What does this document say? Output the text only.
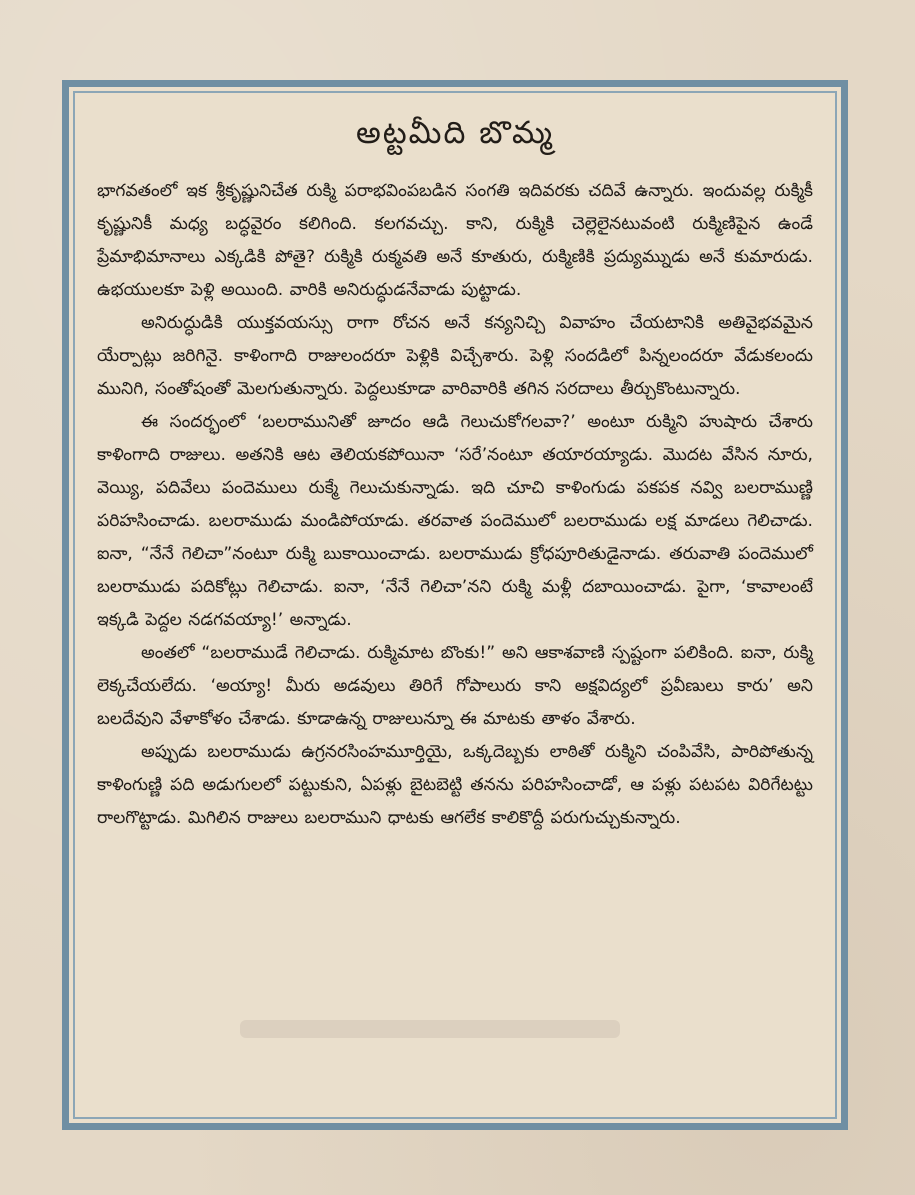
అట్టమీది బొమ్మ

భాగవతంలో ఇక శ్రీకృష్ణునిచేత రుక్మి పరాభవింపబడిన సంగతి ఇదివరకు చదివే ఉన్నారు. ఇందువల్ల రుక్మికీ కృష్ణునికీ మధ్య బద్ధవైరం కలిగింది. కలగవచ్చు. కాని, రుక్మికి చెల్లెలైనటువంటి రుక్మిణిపైన ఉండే ప్రేమాభిమానాలు ఎక్కడికి పోతై? రుక్మికి రుక్మవతి అనే కూతురు, రుక్మిణికి ప్రద్యుమ్నుడు అనే కుమారుడు. ఉభయులకూ పెళ్లి అయింది. వారికి అనిరుద్ధుడనేవాడు పుట్టాడు.

అనిరుద్ధుడికి యుక్తవయస్సు రాగా రోచన అనే కన్యనిచ్చి వివాహం చేయటానికి అతివైభవమైన యేర్పాట్లు జరిగినై. కాళింగాది రాజులందరూ పెళ్లికి విచ్చేశారు. పెళ్లి సందడిలో పిన్నలందరూ వేడుకలందు మునిగి, సంతోషంతో మెలగుతున్నారు. పెద్దలుకూడా వారివారికి తగిన సరదాలు తీర్చుకొంటున్నారు.

ఈ సందర్భంలో ‘బలరామునితో జూదం ఆడి గెలుచుకోగలవా?’ అంటూ రుక్మిని హుషారు చేశారు కాళింగాది రాజులు. అతనికి ఆట తెలియకపోయినా ‘సరే’నంటూ తయారయ్యాడు. మొదట వేసిన నూరు, వెయ్యి, పదివేలు పందెములు రుక్మే గెలుచుకున్నాడు. ఇది చూచి కాళింగుడు పకపక నవ్వి బలరాముణ్ణి పరిహసించాడు. బలరాముడు మండిపోయాడు. తరవాత పందెములో బలరాముడు లక్ష మాడలు గెలిచాడు. ఐనా, “నేనే గెలిచా”నంటూ రుక్మి బుకాయించాడు. బలరాముడు క్రోధపూరితుడైనాడు. తరువాతి పందెములో బలరాముడు పదికోట్లు గెలిచాడు. ఐనా, ‘నేనే గెలిచా’నని రుక్మి మళ్లీ దబాయించాడు. పైగా, ‘కావాలంటే ఇక్కడి పెద్దల నడగవయ్యా!’ అన్నాడు.

అంతలో “బలరాముడే గెలిచాడు. రుక్మిమాట బొంకు!” అని ఆకాశవాణి స్పష్టంగా పలికింది. ఐనా, రుక్మి లెక్కచేయలేదు. ‘అయ్యా! మీరు అడవులు తిరిగే గోపాలురు కాని అక్షవిద్యలో ప్రవీణులు కారు’ అని బలదేవుని వేళాకోళం చేశాడు. కూడాఉన్న రాజులున్నూ ఈ మాటకు తాళం వేశారు.

అప్పుడు బలరాముడు ఉగ్రనరసింహమూర్తియై, ఒక్కదెబ్బకు లాఠితో రుక్మిని చంపివేసి, పారిపోతున్న కాళింగుణ్ణి పది అడుగులలో పట్టుకుని, ఏపళ్లు బైటబెట్టి తనను పరిహసించాడో, ఆ పళ్లు పటపట విరిగేటట్టు రాలగొట్టాడు. మిగిలిన రాజులు బలరాముని ధాటకు ఆగలేక కాలికొద్దీ పరుగుచ్చుకున్నారు.
